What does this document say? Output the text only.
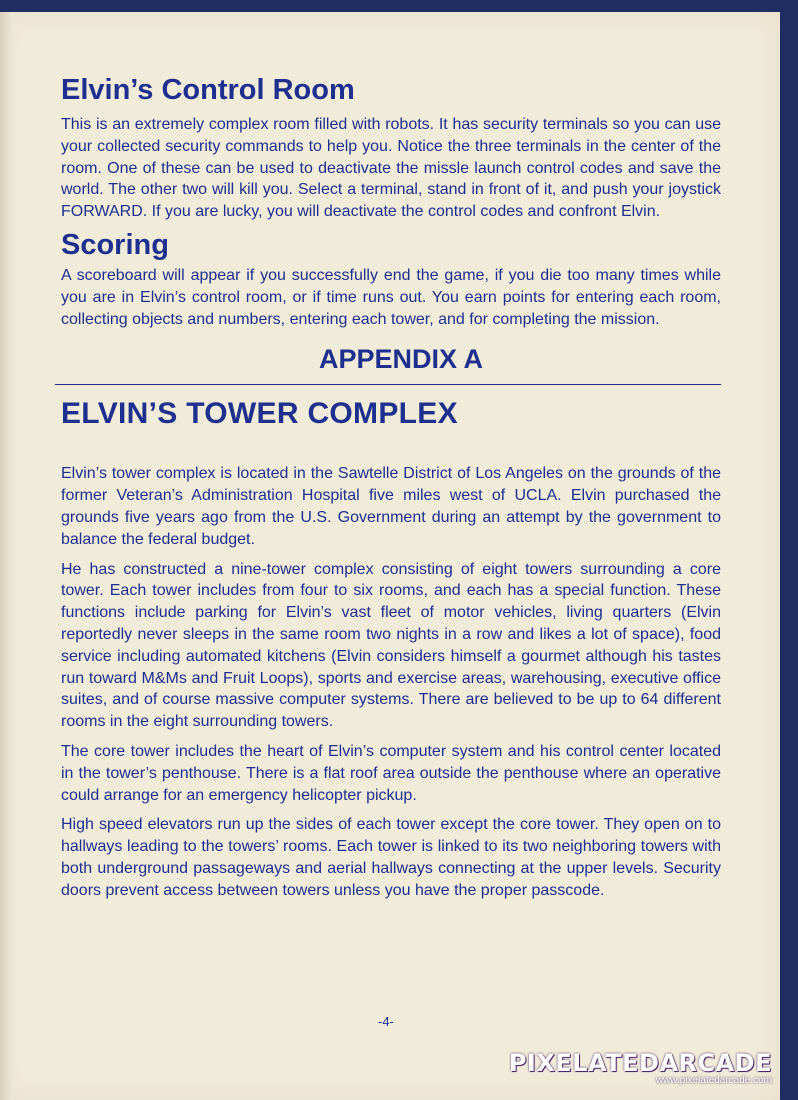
Elvin’s Control Room

This is an extremely complex room filled with robots. It has security terminals so you can use your collected security commands to help you. Notice the three terminals in the center of the room. One of these can be used to deactivate the missle launch control codes and save the world. The other two will kill you. Select a terminal, stand in front of it, and push your joystick FORWARD. If you are lucky, you will deactivate the control codes and confront Elvin.

Scoring

A scoreboard will appear if you successfully end the game, if you die too many times while you are in Elvin’s control room, or if time runs out. You earn points for entering each room, collecting objects and numbers, entering each tower, and for completing the mission.

APPENDIX A
ELVIN’S TOWER COMPLEX

Elvin’s tower complex is located in the Sawtelle District of Los Angeles on the grounds of the former Veteran’s Administration Hospital five miles west of UCLA. Elvin purchased the grounds five years ago from the U.S. Government during an attempt by the government to balance the federal budget.

He has constructed a nine-tower complex consisting of eight towers surrounding a core tower. Each tower includes from four to six rooms, and each has a special function. These functions include parking for Elvin’s vast fleet of motor vehicles, living quarters (Elvin reportedly never sleeps in the same room two nights in a row and likes a lot of space), food service including automated kitchens (Elvin considers himself a gourmet although his tastes run toward M&Ms and Fruit Loops), sports and exercise areas, warehousing, executive office suites, and of course massive computer systems. There are believed to be up to 64 different rooms in the eight surrounding towers.

The core tower includes the heart of Elvin’s computer system and his control center located in the tower’s penthouse. There is a flat roof area outside the penthouse where an operative could arrange for an emergency helicopter pickup.

High speed elevators run up the sides of each tower except the core tower. They open on to hallways leading to the towers’ rooms. Each tower is linked to its two neighboring towers with both underground passageways and aerial hallways connecting at the upper levels. Security doors prevent access between towers unless you have the proper passcode.

-4-
PIXELATEDARCADE
www.pixelatedarcade.com
